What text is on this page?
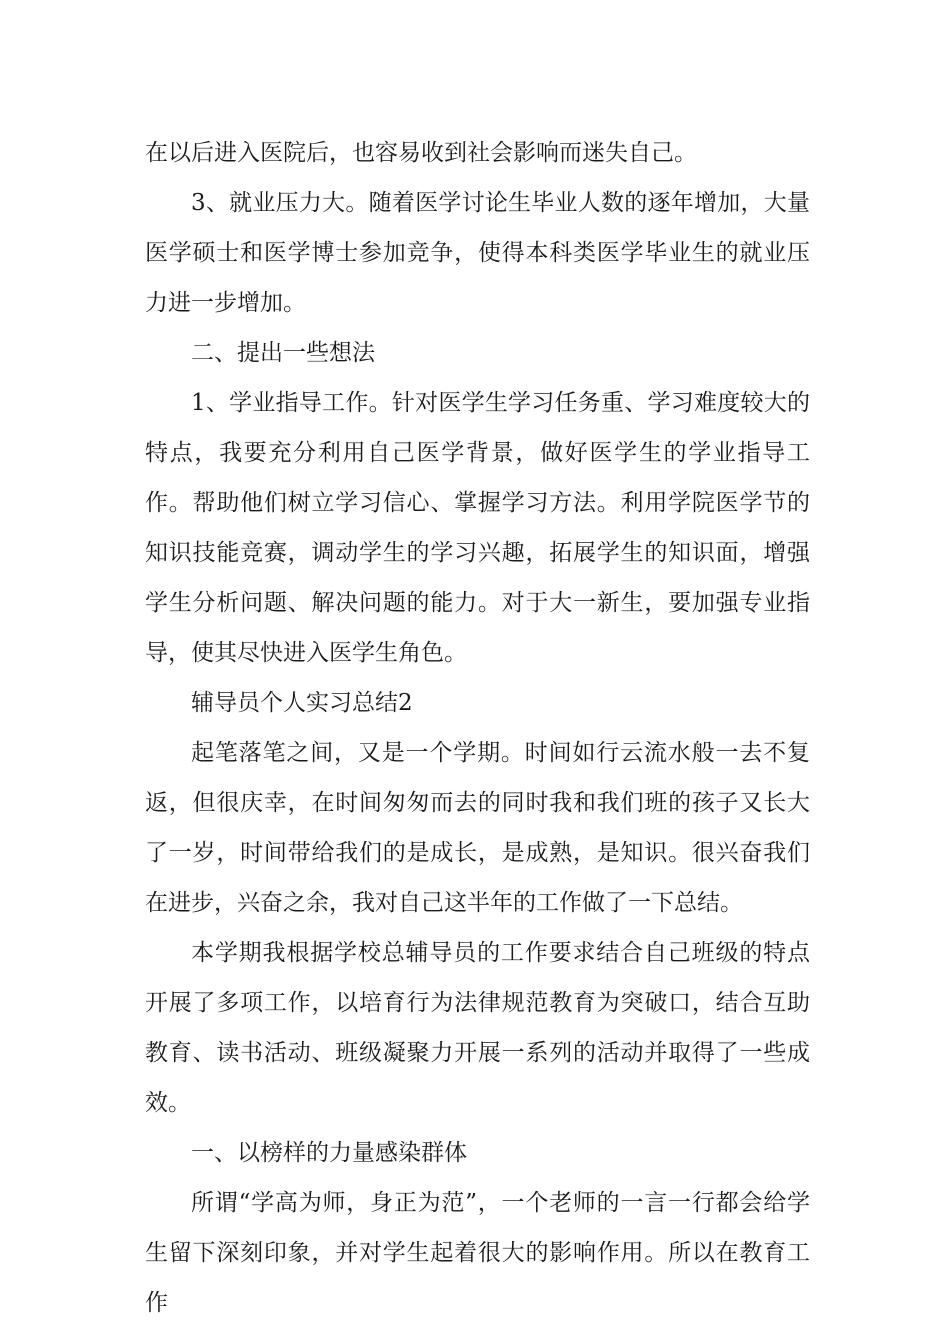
在以后进入医院后，也容易收到社会影响而迷失自己。

3、就业压力大。随着医学讨论生毕业人数的逐年增加，大量医学硕士和医学博士参加竞争，使得本科类医学毕业生的就业压力进一步增加。

二、提出一些想法

1、学业指导工作。针对医学生学习任务重、学习难度较大的特点，我要充分利用自己医学背景，做好医学生的学业指导工作。帮助他们树立学习信心、掌握学习方法。利用学院医学节的知识技能竞赛，调动学生的学习兴趣，拓展学生的知识面，增强学生分析问题、解决问题的能力。对于大一新生，要加强专业指导，使其尽快进入医学生角色。

辅导员个人实习总结2

起笔落笔之间，又是一个学期。时间如行云流水般一去不复返，但很庆幸，在时间匆匆而去的同时我和我们班的孩子又长大了一岁，时间带给我们的是成长，是成熟，是知识。很兴奋我们在进步，兴奋之余，我对自己这半年的工作做了一下总结。

本学期我根据学校总辅导员的工作要求结合自己班级的特点开展了多项工作，以培育行为法律规范教育为突破口，结合互助教育、读书活动、班级凝聚力开展一系列的活动并取得了一些成效。

一、以榜样的力量感染群体

所谓“学高为师，身正为范”，一个老师的一言一行都会给学生留下深刻印象，并对学生起着很大的影响作用。所以在教育工作
